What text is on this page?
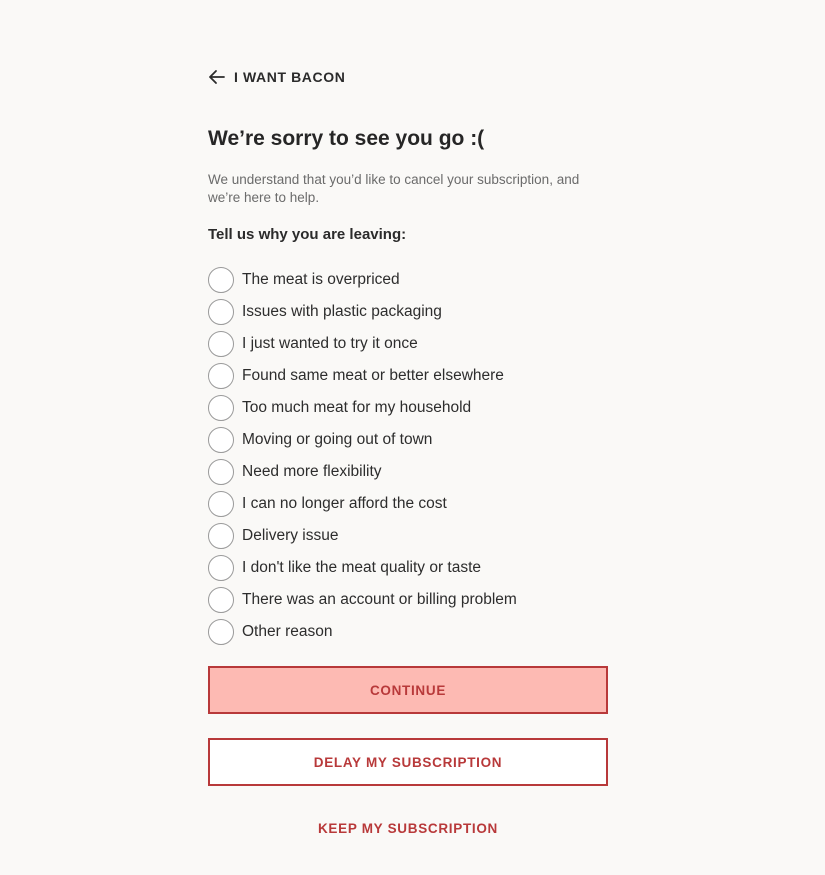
I WANT BACON
We’re sorry to see you go :(

We understand that you’d like to cancel your subscription, and we’re here to help.

Tell us why you are leaving:

The meat is overpriced
Issues with plastic packaging
I just wanted to try it once
Found same meat or better elsewhere
Too much meat for my household
Moving or going out of town
Need more flexibility
I can no longer afford the cost
Delivery issue
I don't like the meat quality or taste
There was an account or billing problem
Other reason
CONTINUE
DELAY MY SUBSCRIPTION
KEEP MY SUBSCRIPTION
